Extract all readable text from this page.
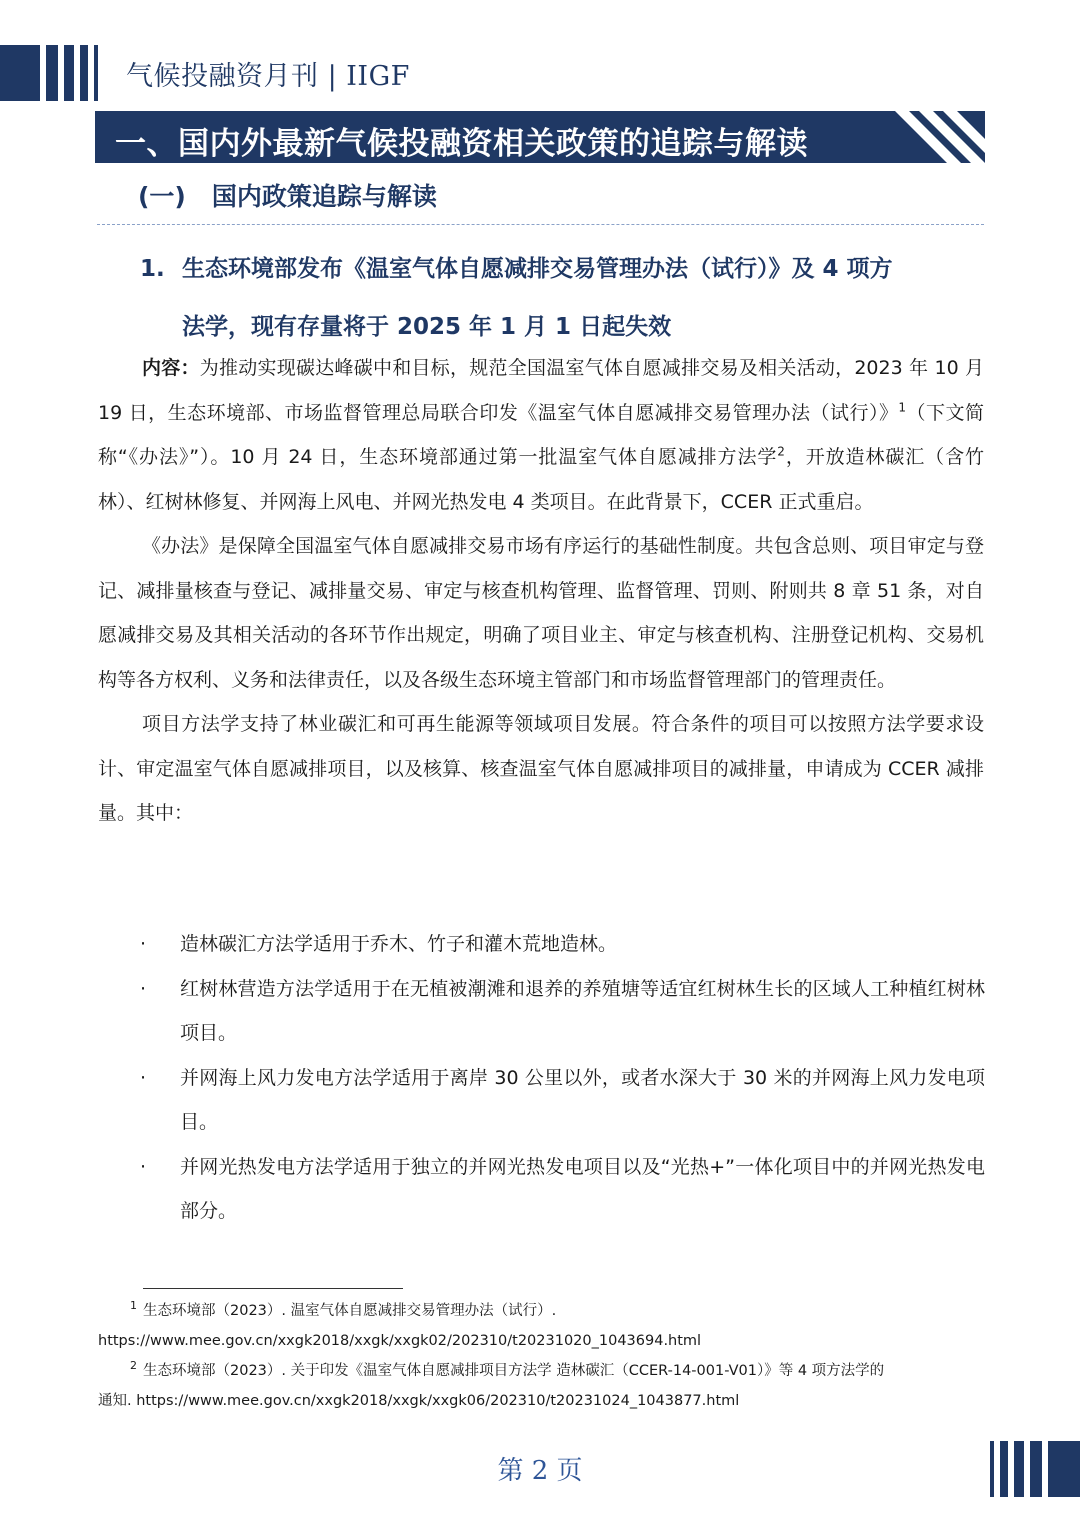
气候投融资月刊 | IIGF
一、国内外最新气候投融资相关政策的追踪与解读
(一) 国内政策追踪与解读
1. 生态环境部发布《温室气体自愿减排交易管理办法（试行）》及 4 项方
法学，现有存量将于 2025 年 1 月 1 日起失效

内容：为推动实现碳达峰碳中和目标，规范全国温室气体自愿减排交易及相关活动，2023 年 10 月 19 日，生态环境部、市场监督管理总局联合印发《温室气体自愿减排交易管理办法（试行）》$^1$（下文简称“《办法》”）。10 月 24 日，生态环境部通过第一批温室气体自愿减排方法学$^2$，开放造林碳汇（含竹林）、红树林修复、并网海上风电、并网光热发电 4 类项目。在此背景下，CCER 正式重启。

《办法》是保障全国温室气体自愿减排交易市场有序运行的基础性制度。共包含总则、项目审定与登记、减排量核查与登记、减排量交易、审定与核查机构管理、监督管理、罚则、附则共 8 章 51 条，对自愿减排交易及其相关活动的各环节作出规定，明确了项目业主、审定与核查机构、注册登记机构、交易机构等各方权利、义务和法律责任，以及各级生态环境主管部门和市场监督管理部门的管理责任。

项目方法学支持了林业碳汇和可再生能源等领域项目发展。符合条件的项目可以按照方法学要求设计、审定温室气体自愿减排项目，以及核算、核查温室气体自愿减排项目的减排量，申请成为 CCER 减排量。其中：

· 造林碳汇方法学适用于乔木、竹子和灌木荒地造林。
· 红树林营造方法学适用于在无植被潮滩和退养的养殖塘等适宜红树林生长的区域人工种植红树林项目。
· 并网海上风力发电方法学适用于离岸 30 公里以外，或者水深大于 30 米的并网海上风力发电项目。
· 并网光热发电方法学适用于独立的并网光热发电项目以及“光热+”一体化项目中的并网光热发电部分。
$^1$ 生态环境部（2023）. 温室气体自愿减排交易管理办法（试行）.
https://www.mee.gov.cn/xxgk2018/xxgk/xxgk02/202310/t20231020_1043694.html
$^2$ 生态环境部（2023）. 关于印发《温室气体自愿减排项目方法学 造林碳汇（CCER-14-001-V01）》等 4 项方法学的
通知. https://www.mee.gov.cn/xxgk2018/xxgk/xxgk06/202310/t20231024_1043877.html
第 2 页
